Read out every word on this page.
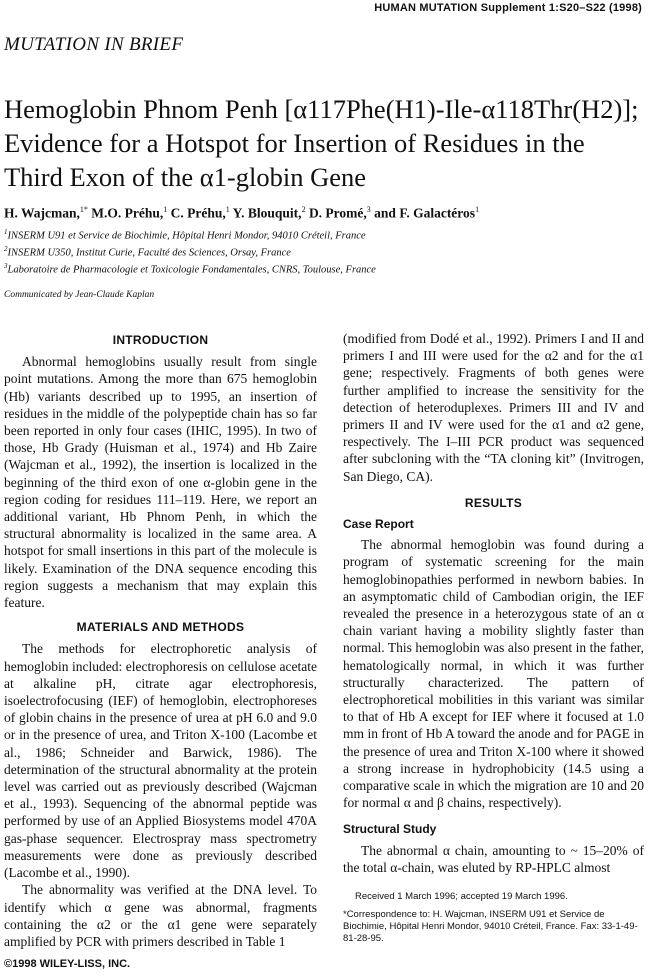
HUMAN MUTATION Supplement 1:S20–S22 (1998)
MUTATION IN BRIEF
Hemoglobin Phnom Penh [α117Phe(H1)-Ile-α118Thr(H2)]; Evidence for a Hotspot for Insertion of Residues in the Third Exon of the α1-globin Gene
H. Wajcman,$^{1*}$ M.O. Préhu,$^1$ C. Préhu,$^1$ Y. Blouquit,$^2$ D. Promé,$^3$ and F. Galactéros$^1$
$^1$INSERM U91 et Service de Biochimie, Hôpital Henri Mondor, 94010 Créteil, France
$^2$INSERM U350, Institut Curie, Faculté des Sciences, Orsay, France
$^3$Laboratoire de Pharmacologie et Toxicologie Fondamentales, CNRS, Toulouse, France
Communicated by Jean-Claude Kaplan
INTRODUCTION

Abnormal hemoglobins usually result from single point mutations. Among the more than 675 hemoglobin (Hb) variants described up to 1995, an insertion of residues in the middle of the polypeptide chain has so far been reported in only four cases (IHIC, 1995). In two of those, Hb Grady (Huisman et al., 1974) and Hb Zaire (Wajcman et al., 1992), the insertion is localized in the beginning of the third exon of one α-globin gene in the region coding for residues 111–119. Here, we report an additional variant, Hb Phnom Penh, in which the structural abnormality is localized in the same area. A hotspot for small insertions in this part of the molecule is likely. Examination of the DNA sequence encoding this region suggests a mechanism that may explain this feature.

MATERIALS AND METHODS

The methods for electrophoretic analysis of hemoglobin included: electrophoresis on cellulose acetate at alkaline pH, citrate agar electrophoresis, isoelectrofocusing (IEF) of hemoglobin, electrophoreses of globin chains in the presence of urea at pH 6.0 and 9.0 or in the presence of urea, and Triton X-100 (Lacombe et al., 1986; Schneider and Barwick, 1986). The determination of the structural abnormality at the protein level was carried out as previously described (Wajcman et al., 1993). Sequencing of the abnormal peptide was performed by use of an Applied Biosystems model 470A gas-phase sequencer. Electrospray mass spectrometry measurements were done as previously described (Lacombe et al., 1990).

The abnormality was verified at the DNA level. To identify which α gene was abnormal, fragments containing the α2 or the α1 gene were separately amplified by PCR with primers described in Table 1

(modified from Dodé et al., 1992). Primers I and II and primers I and III were used for the α2 and for the α1 gene; respectively. Fragments of both genes were further amplified to increase the sensitivity for the detection of heteroduplexes. Primers III and IV and primers II and IV were used for the α1 and α2 gene, respectively. The I–III PCR product was sequenced after subcloning with the “TA cloning kit” (Invitrogen, San Diego, CA).

RESULTS
Case Report

The abnormal hemoglobin was found during a program of systematic screening for the main hemoglobinopathies performed in newborn babies. In an asymptomatic child of Cambodian origin, the IEF revealed the presence in a heterozygous state of an α chain variant having a mobility slightly faster than normal. This hemoglobin was also present in the father, hematologically normal, in which it was further structurally characterized. The pattern of electrophoretical mobilities in this variant was similar to that of Hb A except for IEF where it focused at 1.0 mm in front of Hb A toward the anode and for PAGE in the presence of urea and Triton X-100 where it showed a strong increase in hydrophobicity (14.5 using a comparative scale in which the migration are 10 and 20 for normal α and β chains, respectively).

Structural Study

The abnormal α chain, amounting to ~ 15–20% of the total α-chain, was eluted by RP-HPLC almost

Received 1 March 1996; accepted 19 March 1996.

*Correspondence to: H. Wajcman, INSERM U91 et Service de Biochimie, Hôpital Henri Mondor, 94010 Créteil, France. Fax: 33-1-49-81-28-95.

©1998 WILEY-LISS, INC.
